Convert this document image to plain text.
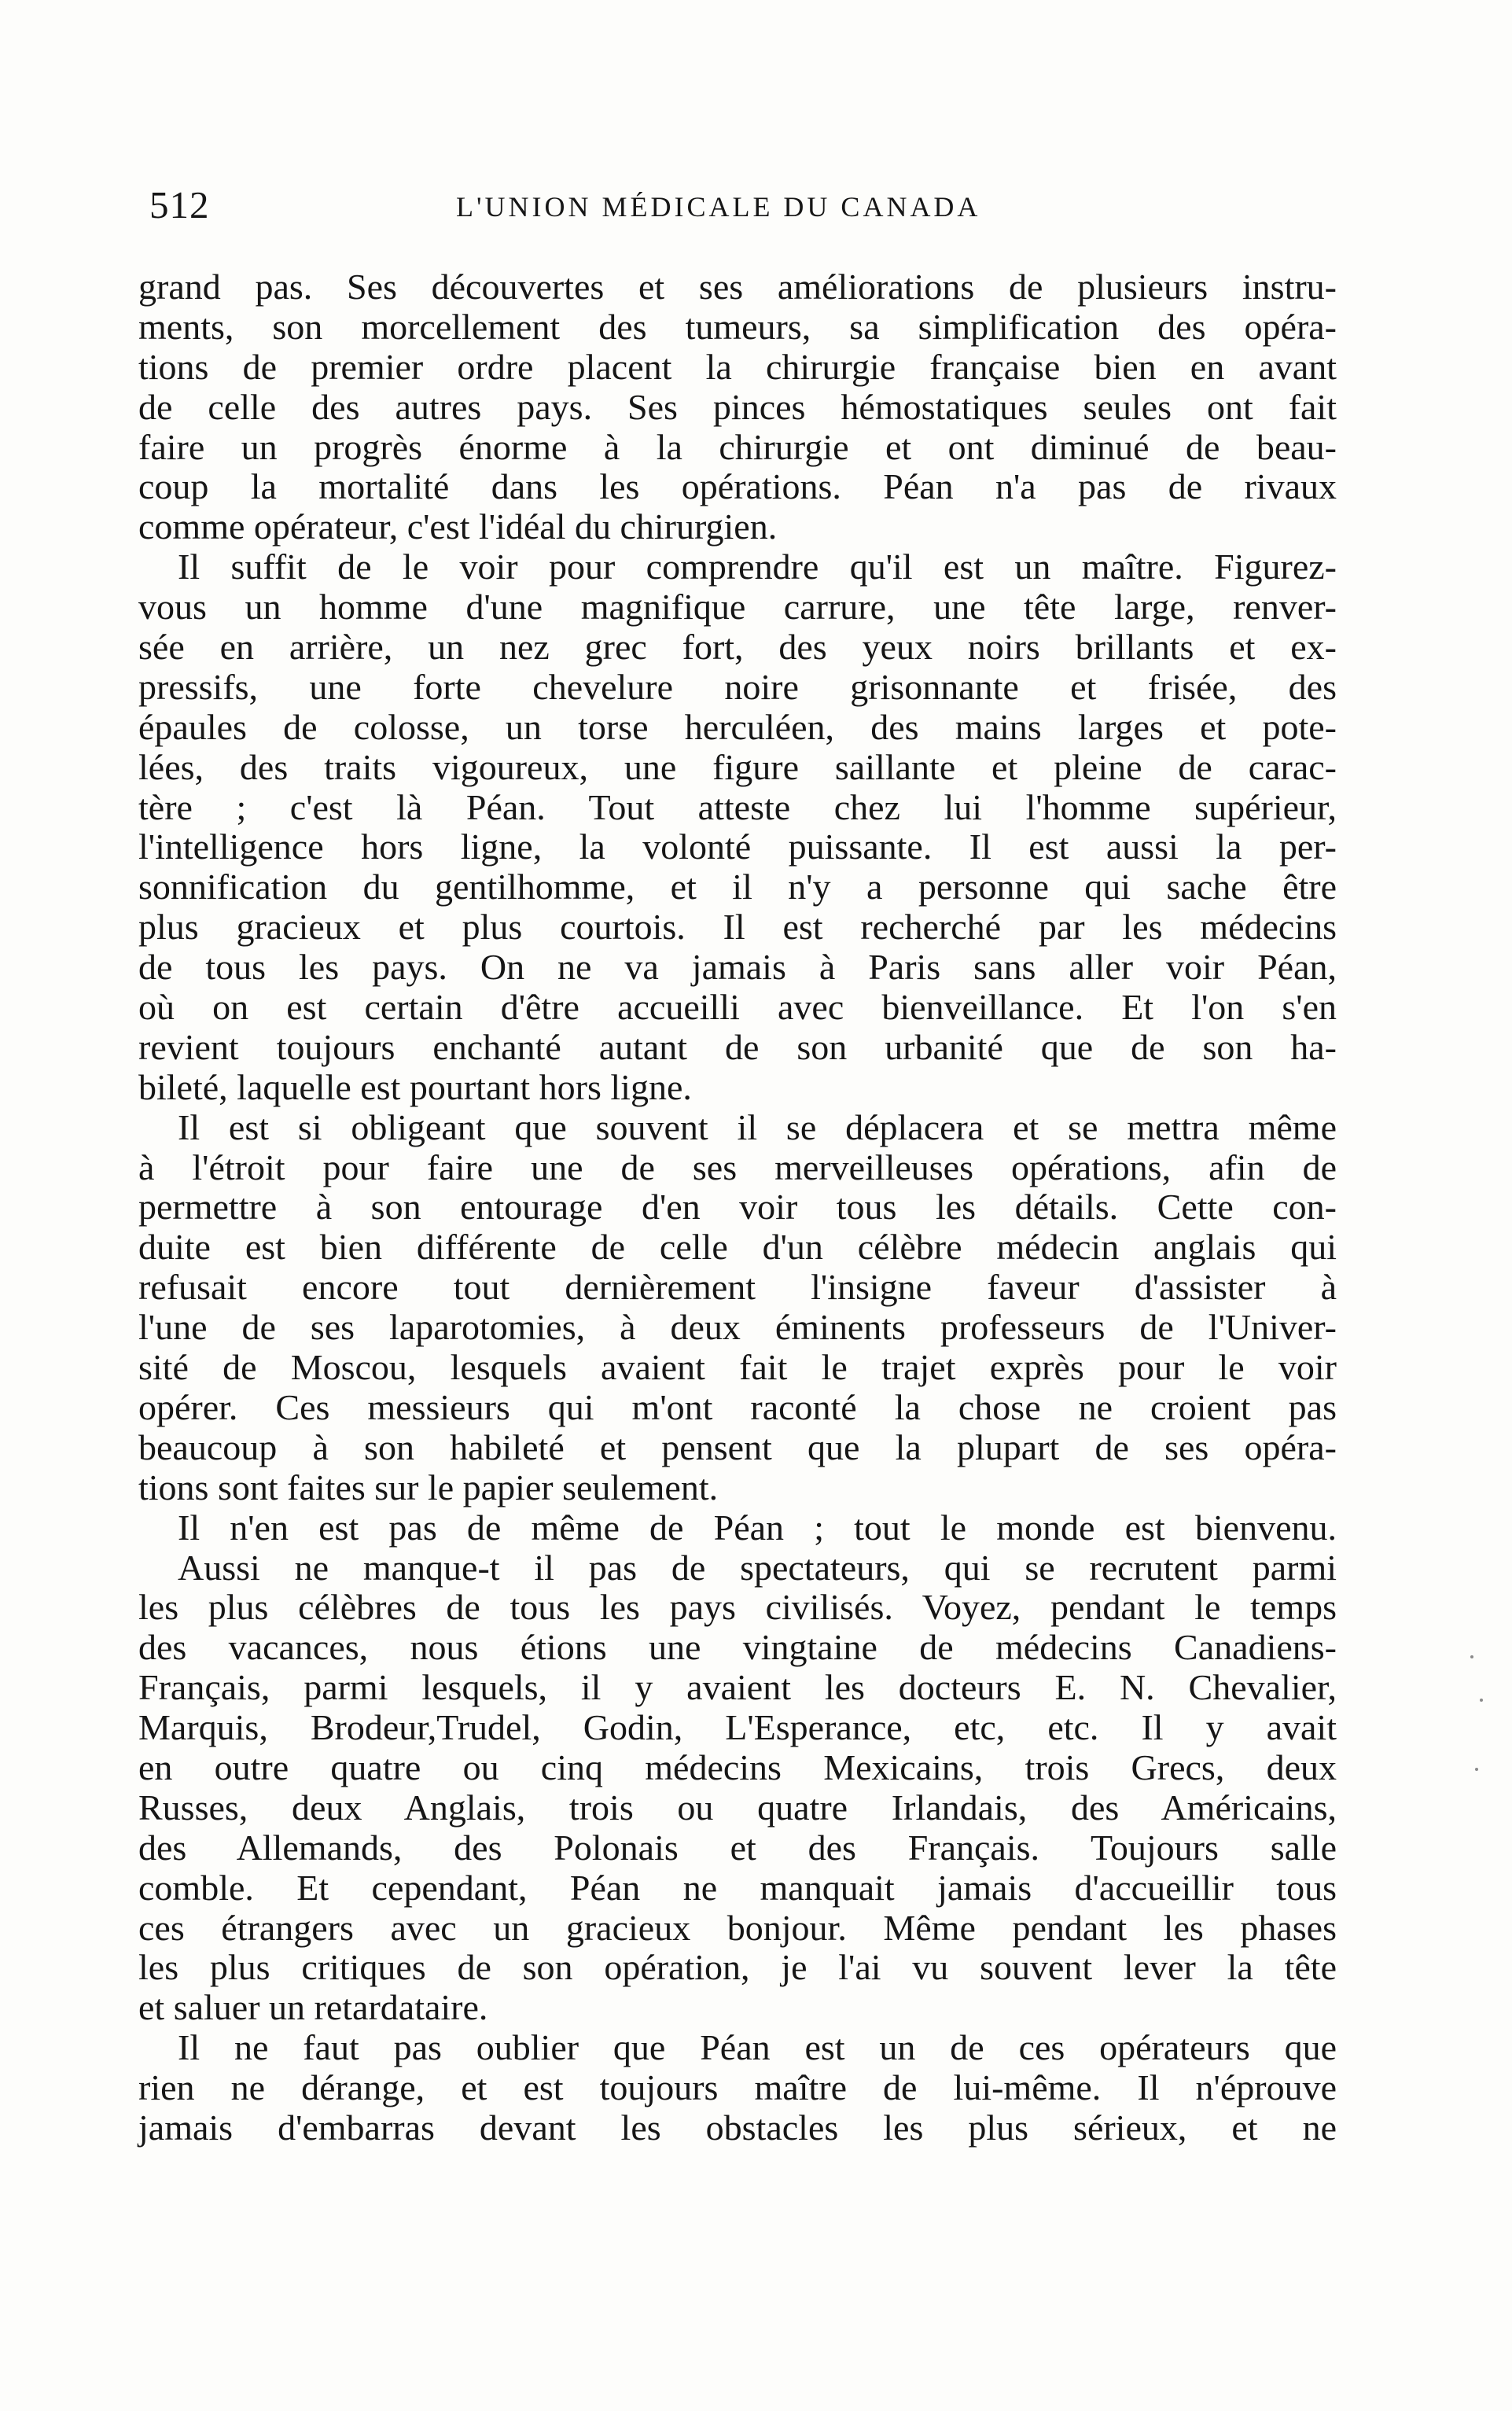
512	L'UNION MÉDICALE DU CANADA
grand pas. Ses découvertes et ses améliorations de plusieurs instru-
ments, son morcellement des tumeurs, sa simplification des opéra-
tions de premier ordre placent la chirurgie française bien en avant
de celle des autres pays. Ses pinces hémostatiques seules ont fait
faire un progrès énorme à la chirurgie et ont diminué de beau-
coup la mortalité dans les opérations. Péan n'a pas de rivaux
comme opérateur, c'est l'idéal du chirurgien.
Il suffit de le voir pour comprendre qu'il est un maître. Figurez-
vous un homme d'une magnifique carrure, une tête large, renver-
sée en arrière, un nez grec fort, des yeux noirs brillants et ex-
pressifs, une forte chevelure noire grisonnante et frisée, des
épaules de colosse, un torse herculéen, des mains larges et pote-
lées, des traits vigoureux, une figure saillante et pleine de carac-
tère ; c'est là Péan. Tout atteste chez lui l'homme supérieur,
l'intelligence hors ligne, la volonté puissante. Il est aussi la per-
sonnification du gentilhomme, et il n'y a personne qui sache être
plus gracieux et plus courtois. Il est recherché par les médecins
de tous les pays. On ne va jamais à Paris sans aller voir Péan,
où on est certain d'être accueilli avec bienveillance. Et l'on s'en
revient toujours enchanté autant de son urbanité que de son ha-
bileté, laquelle est pourtant hors ligne.
Il est si obligeant que souvent il se déplacera et se mettra même
à l'étroit pour faire une de ses merveilleuses opérations, afin de
permettre à son entourage d'en voir tous les détails. Cette con-
duite est bien différente de celle d'un célèbre médecin anglais qui
refusait encore tout dernièrement l'insigne faveur d'assister à
l'une de ses laparotomies, à deux éminents professeurs de l'Univer-
sité de Moscou, lesquels avaient fait le trajet exprès pour le voir
opérer. Ces messieurs qui m'ont raconté la chose ne croient pas
beaucoup à son habileté et pensent que la plupart de ses opéra-
tions sont faites sur le papier seulement.
Il n'en est pas de même de Péan ; tout le monde est bienvenu.
Aussi ne manque-t il pas de spectateurs, qui se recrutent parmi
les plus célèbres de tous les pays civilisés. Voyez, pendant le temps
des vacances, nous étions une vingtaine de médecins Canadiens-
Français, parmi lesquels, il y avaient les docteurs E. N. Chevalier,
Marquis, Brodeur,Trudel, Godin, L'Esperance, etc, etc. Il y avait
en outre quatre ou cinq médecins Mexicains, trois Grecs, deux
Russes, deux Anglais, trois ou quatre Irlandais, des Américains,
des Allemands, des Polonais et des Français. Toujours salle
comble. Et cependant, Péan ne manquait jamais d'accueillir tous
ces étrangers avec un gracieux bonjour. Même pendant les phases
les plus critiques de son opération, je l'ai vu souvent lever la tête
et saluer un retardataire.
Il ne faut pas oublier que Péan est un de ces opérateurs que
rien ne dérange, et est toujours maître de lui-même. Il n'éprouve
jamais d'embarras devant les obstacles les plus sérieux, et ne
